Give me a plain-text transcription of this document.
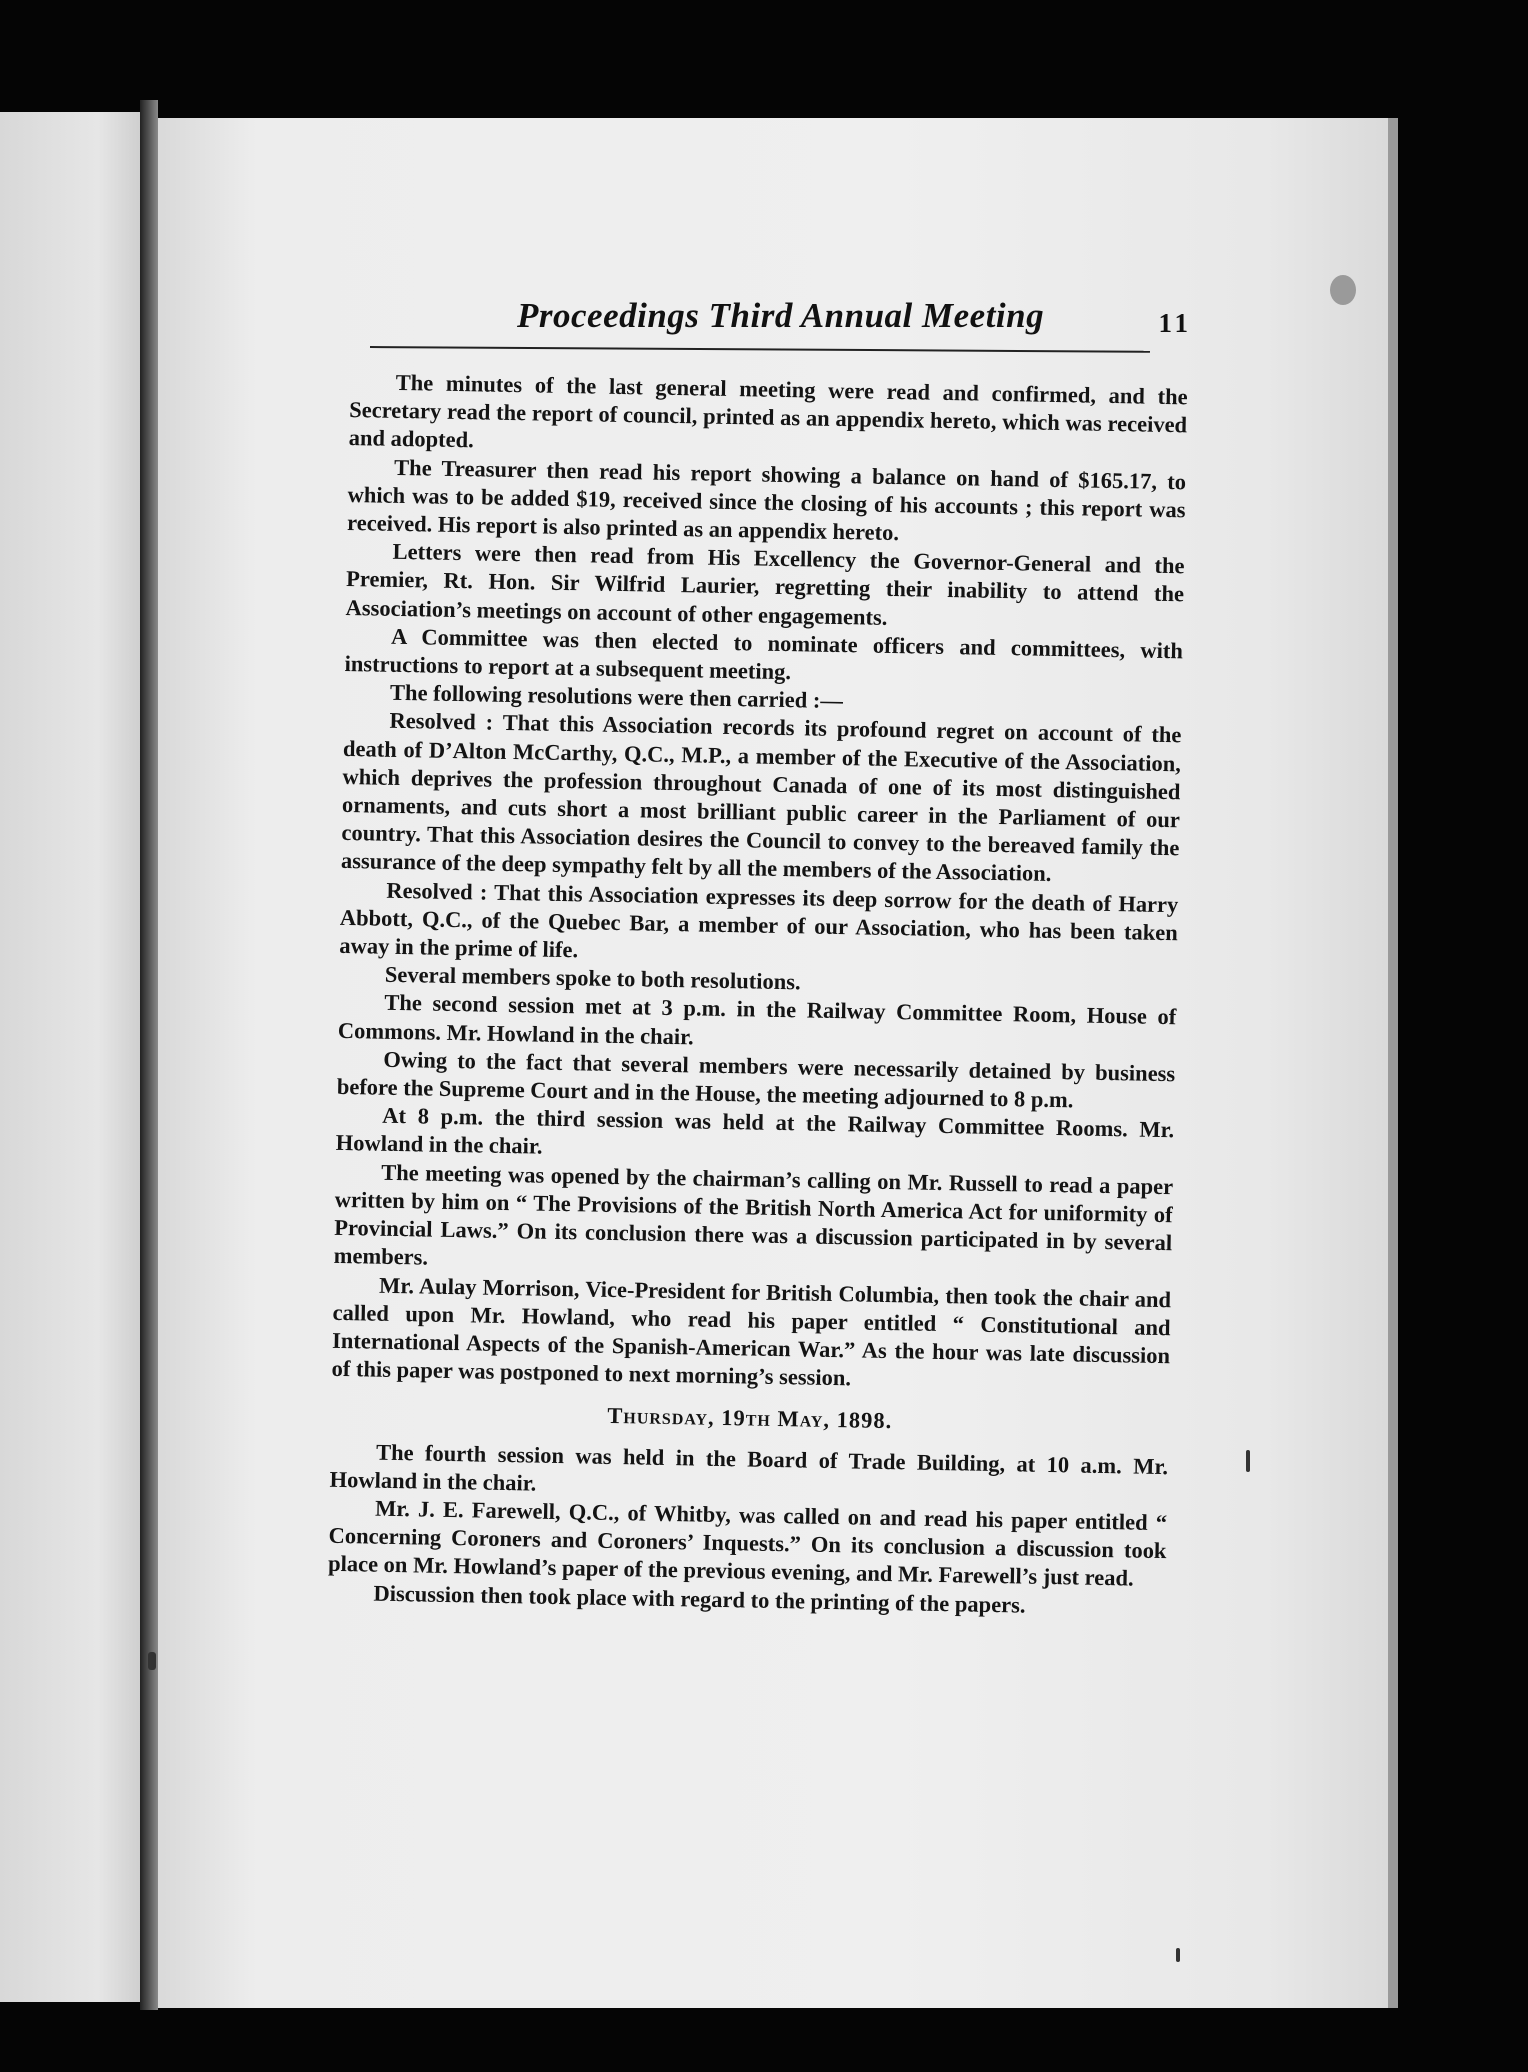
Proceedings Third Annual Meeting	11

The minutes of the last general meeting were read and confirmed, and the Secretary read the report of council, printed as an appendix hereto, which was received and adopted.

The Treasurer then read his report showing a balance on hand of $165.17, to which was to be added $19, received since the closing of his accounts ; this report was received. His report is also printed as an appendix hereto.

Letters were then read from His Excellency the Governor-General and the Premier, Rt. Hon. Sir Wilfrid Laurier, regretting their inability to attend the Association’s meetings on account of other engagements.

A Committee was then elected to nominate officers and committees, with instructions to report at a subsequent meeting.

The following resolutions were then carried :—

Resolved : That this Association records its profound regret on account of the death of D’Alton McCarthy, Q.C., M.P., a member of the Executive of the Association, which deprives the profession throughout Canada of one of its most distinguished ornaments, and cuts short a most brilliant public career in the Parliament of our country. That this Association desires the Council to convey to the bereaved family the assurance of the deep sympathy felt by all the members of the Association.

Resolved : That this Association expresses its deep sorrow for the death of Harry Abbott, Q.C., of the Quebec Bar, a member of our Association, who has been taken away in the prime of life.

Several members spoke to both resolutions.

The second session met at 3 p.m. in the Railway Committee Room, House of Commons. Mr. Howland in the chair.

Owing to the fact that several members were necessarily detained by business before the Supreme Court and in the House, the meeting adjourned to 8 p.m.

At 8 p.m. the third session was held at the Railway Committee Rooms. Mr. Howland in the chair.

The meeting was opened by the chairman’s calling on Mr. Russell to read a paper written by him on “ The Provisions of the British North America Act for uniformity of Provincial Laws.” On its conclusion there was a discussion participated in by several members.

Mr. Aulay Morrison, Vice-President for British Columbia, then took the chair and called upon Mr. Howland, who read his paper entitled “ Constitutional and International Aspects of the Spanish-American War.” As the hour was late discussion of this paper was postponed to next morning’s session.

Thursday, 19th May, 1898.

The fourth session was held in the Board of Trade Building, at 10 a.m. Mr. Howland in the chair.

Mr. J. E. Farewell, Q.C., of Whitby, was called on and read his paper entitled “ Concerning Coroners and Coroners’ Inquests.” On its conclusion a discussion took place on Mr. Howland’s paper of the previous evening, and Mr. Farewell’s just read.

Discussion then took place with regard to the printing of the papers.
